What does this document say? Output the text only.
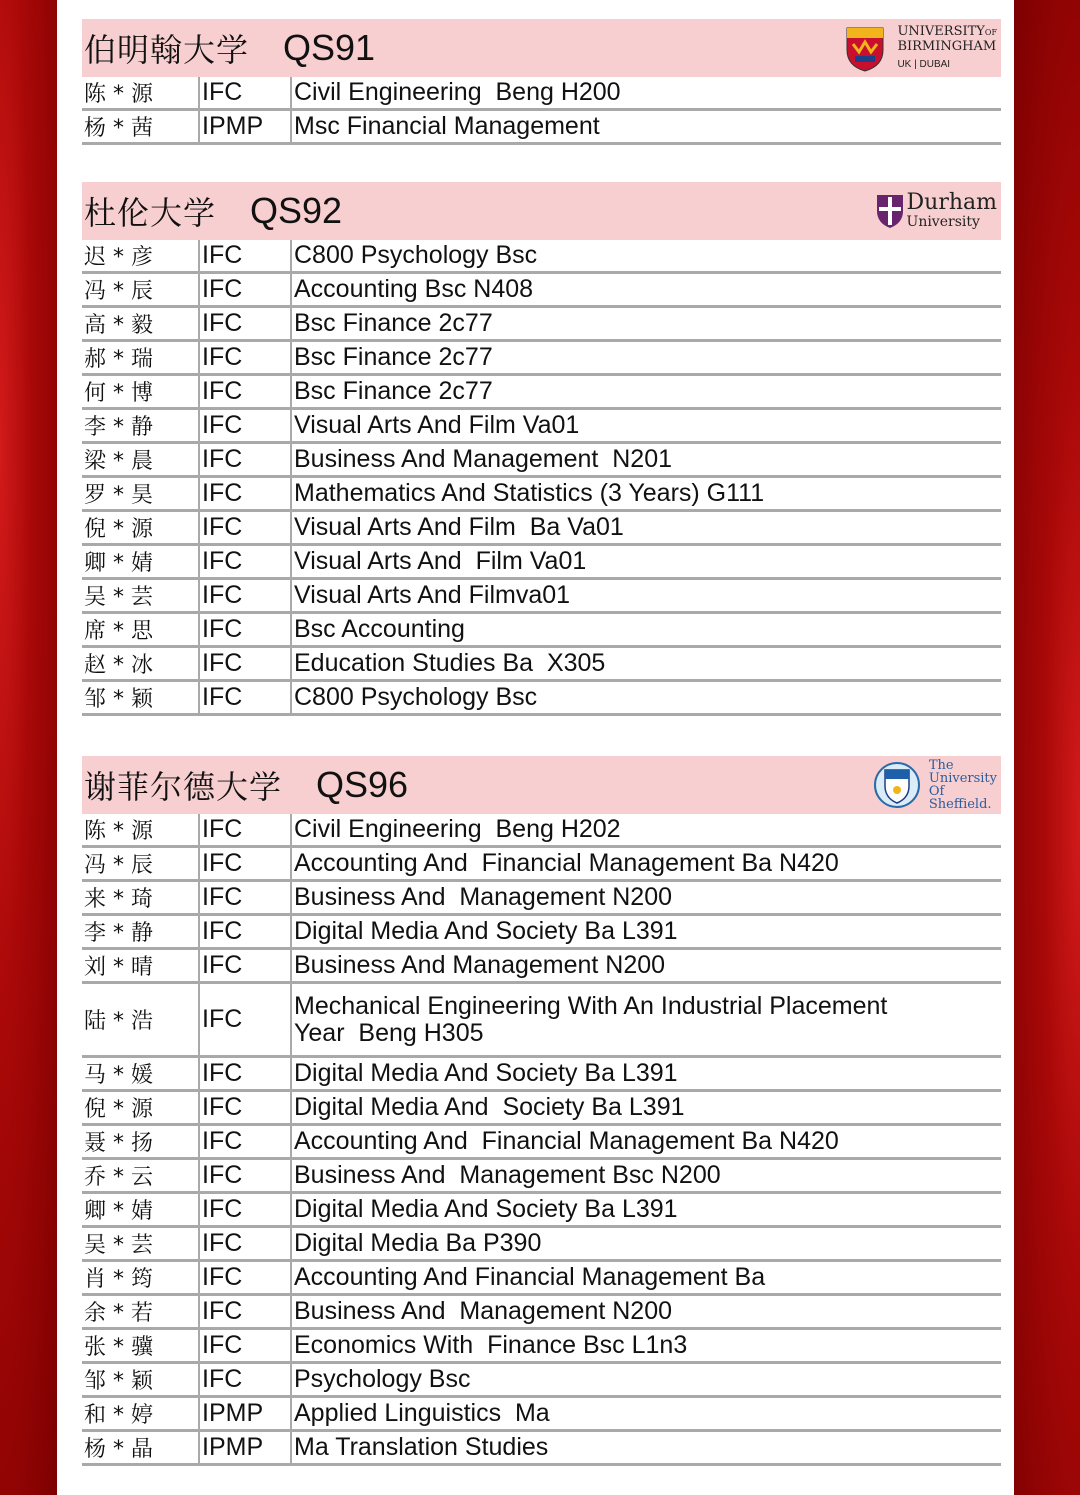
伯明翰大学 QS91	UNIVERSITYOF
BIRMINGHAM
UK | DUBAI
陈 * 源	IFC	Civil Engineering  Beng H200
杨 * 茜	IPMP	Msc Financial Management
杜伦大学 QS92	Durham
University
迟 * 彦	IFC	C800 Psychology Bsc
冯 * 辰	IFC	Accounting Bsc N408
高 * 毅	IFC	Bsc Finance 2c77
郝 * 瑞	IFC	Bsc Finance 2c77
何 * 博	IFC	Bsc Finance 2c77
李 * 静	IFC	Visual Arts And Film Va01
梁 * 晨	IFC	Business And Management  N201
罗 * 昊	IFC	Mathematics And Statistics (3 Years) G111
倪 * 源	IFC	Visual Arts And Film  Ba Va01
卿 * 婧	IFC	Visual Arts And  Film Va01
吴 * 芸	IFC	Visual Arts And Filmva01
席 * 思	IFC	Bsc Accounting
赵 * 冰	IFC	Education Studies Ba  X305
邹 * 颖	IFC	C800 Psychology Bsc
谢菲尔德大学 QS96	The
University
Of
Sheffield.
陈 * 源	IFC	Civil Engineering  Beng H202
冯 * 辰	IFC	Accounting And  Financial Management Ba N420
来 * 琦	IFC	Business And  Management N200
李 * 静	IFC	Digital Media And Society Ba L391
刘 * 晴	IFC	Business And Management N200
陆 * 浩	IFC	Mechanical Engineering With An Industrial Placement
Year  Beng H305
马 * 媛	IFC	Digital Media And Society Ba L391
倪 * 源	IFC	Digital Media And  Society Ba L391
聂 * 扬	IFC	Accounting And  Financial Management Ba N420
乔 * 云	IFC	Business And  Management Bsc N200
卿 * 婧	IFC	Digital Media And Society Ba L391
吴 * 芸	IFC	Digital Media Ba P390
肖 * 筠	IFC	Accounting And Financial Management Ba
余 * 若	IFC	Business And  Management N200
张 * 骥	IFC	Economics With  Finance Bsc L1n3
邹 * 颖	IFC	Psychology Bsc
和 * 婷	IPMP	Applied Linguistics  Ma
杨 * 晶	IPMP	Ma Translation Studies
